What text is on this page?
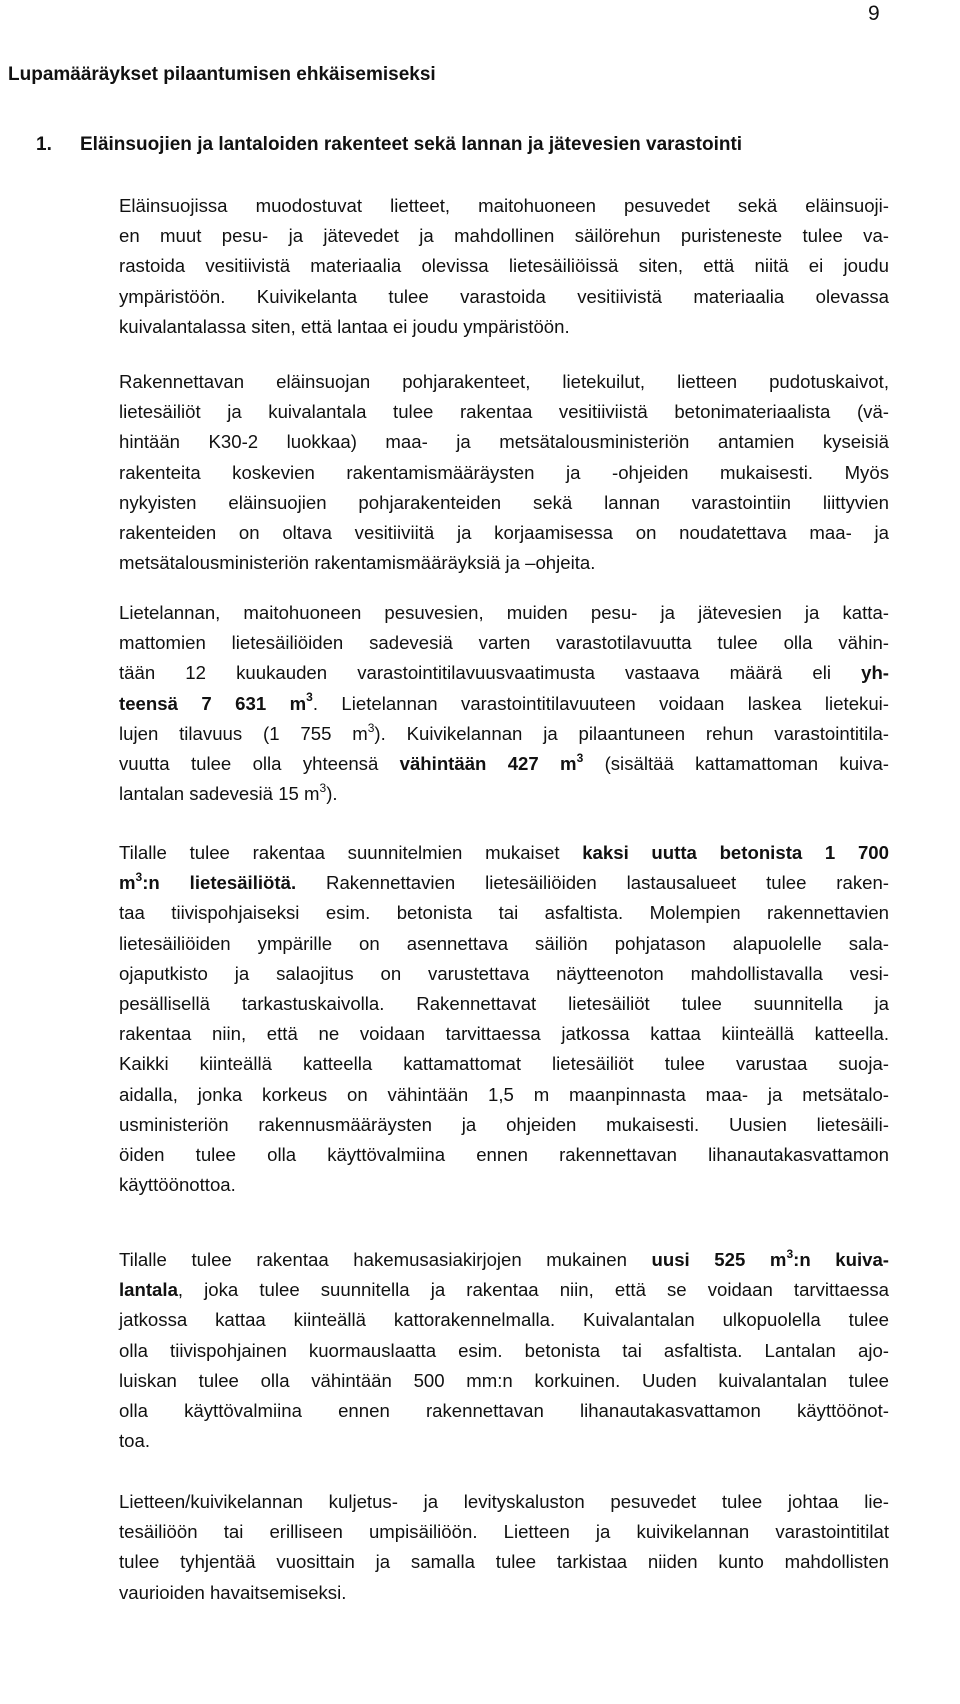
9
Lupamääräykset pilaantumisen ehkäisemiseksi
1. Eläinsuojien ja lantaloiden rakenteet sekä lannan ja jätevesien varastointi
Eläinsuojissa muodostuvat lietteet, maitohuoneen pesuvedet sekä eläinsuoji-
en muut pesu- ja jätevedet ja mahdollinen säilörehun puristeneste tulee va-
rastoida vesitiivistä materiaalia olevissa lietesäiliöissä siten, että niitä ei joudu
ympäristöön. Kuivikelanta tulee varastoida vesitiivistä materiaalia olevassa
kuivalantalassa siten, että lantaa ei joudu ympäristöön.
Rakennettavan eläinsuojan pohjarakenteet, lietekuilut, lietteen pudotuskaivot,
lietesäiliöt ja kuivalantala tulee rakentaa vesitiiviistä betonimateriaalista (vä-
hintään K30-2 luokkaa) maa- ja metsätalousministeriön antamien kyseisiä
rakenteita koskevien rakentamismääräysten ja -ohjeiden mukaisesti. Myös
nykyisten eläinsuojien pohjarakenteiden sekä lannan varastointiin liittyvien
rakenteiden on oltava vesitiiviitä ja korjaamisessa on noudatettava maa- ja
metsätalousministeriön rakentamismääräyksiä ja –ohjeita.
Lietelannan, maitohuoneen pesuvesien, muiden pesu- ja jätevesien ja katta-
mattomien lietesäiliöiden sadevesiä varten varastotilavuutta tulee olla vähin-
tään 12 kuukauden varastointitilavuusvaatimusta vastaava määrä eli yh-
teensä 7 631 $m^3$. Lietelannan varastointitilavuuteen voidaan laskea lietekui-
lujen tilavuus (1 755 $m^3$). Kuivikelannan ja pilaantuneen rehun varastointitila-
vuutta tulee olla yhteensä vähintään 427 $m^3$ (sisältää kattamattoman kuiva-
lantalan sadevesiä 15 $m^3$).
Tilalle tulee rakentaa suunnitelmien mukaiset kaksi uutta betonista 1 700
$m^3:n$ lietesäiliötä. Rakennettavien lietesäiliöiden lastausalueet tulee raken-
taa tiivispohjaiseksi esim. betonista tai asfaltista. Molempien rakennettavien
lietesäiliöiden ympärille on asennettava säiliön pohjatason alapuolelle sala-
ojaputkisto ja salaojitus on varustettava näytteenoton mahdollistavalla vesi-
pesällisellä tarkastuskaivolla. Rakennettavat lietesäiliöt tulee suunnitella ja
rakentaa niin, että ne voidaan tarvittaessa jatkossa kattaa kiinteällä katteella.
Kaikki kiinteällä katteella kattamattomat lietesäiliöt tulee varustaa suoja-
aidalla, jonka korkeus on vähintään 1,5 m maanpinnasta maa- ja metsätalo-
usministeriön rakennusmääräysten ja ohjeiden mukaisesti. Uusien lietesäili-
öiden tulee olla käyttövalmiina ennen rakennettavan lihanautakasvattamon
käyttöönottoa.
Tilalle tulee rakentaa hakemusasiakirjojen mukainen uusi 525 $m^3:n$ kuiva-
lantala, joka tulee suunnitella ja rakentaa niin, että se voidaan tarvittaessa
jatkossa kattaa kiinteällä kattorakennelmalla. Kuivalantalan ulkopuolella tulee
olla tiivispohjainen kuormauslaatta esim. betonista tai asfaltista. Lantalan ajo-
luiskan tulee olla vähintään 500 mm:n korkuinen. Uuden kuivalantalan tulee
olla käyttövalmiina ennen rakennettavan lihanautakasvattamon käyttöönot-
toa.
Lietteen/kuivikelannan kuljetus- ja levityskaluston pesuvedet tulee johtaa lie-
tesäiliöön tai erilliseen umpisäiliöön. Lietteen ja kuivikelannan varastointitilat
tulee tyhjentää vuosittain ja samalla tulee tarkistaa niiden kunto mahdollisten
vaurioiden havaitsemiseksi.
